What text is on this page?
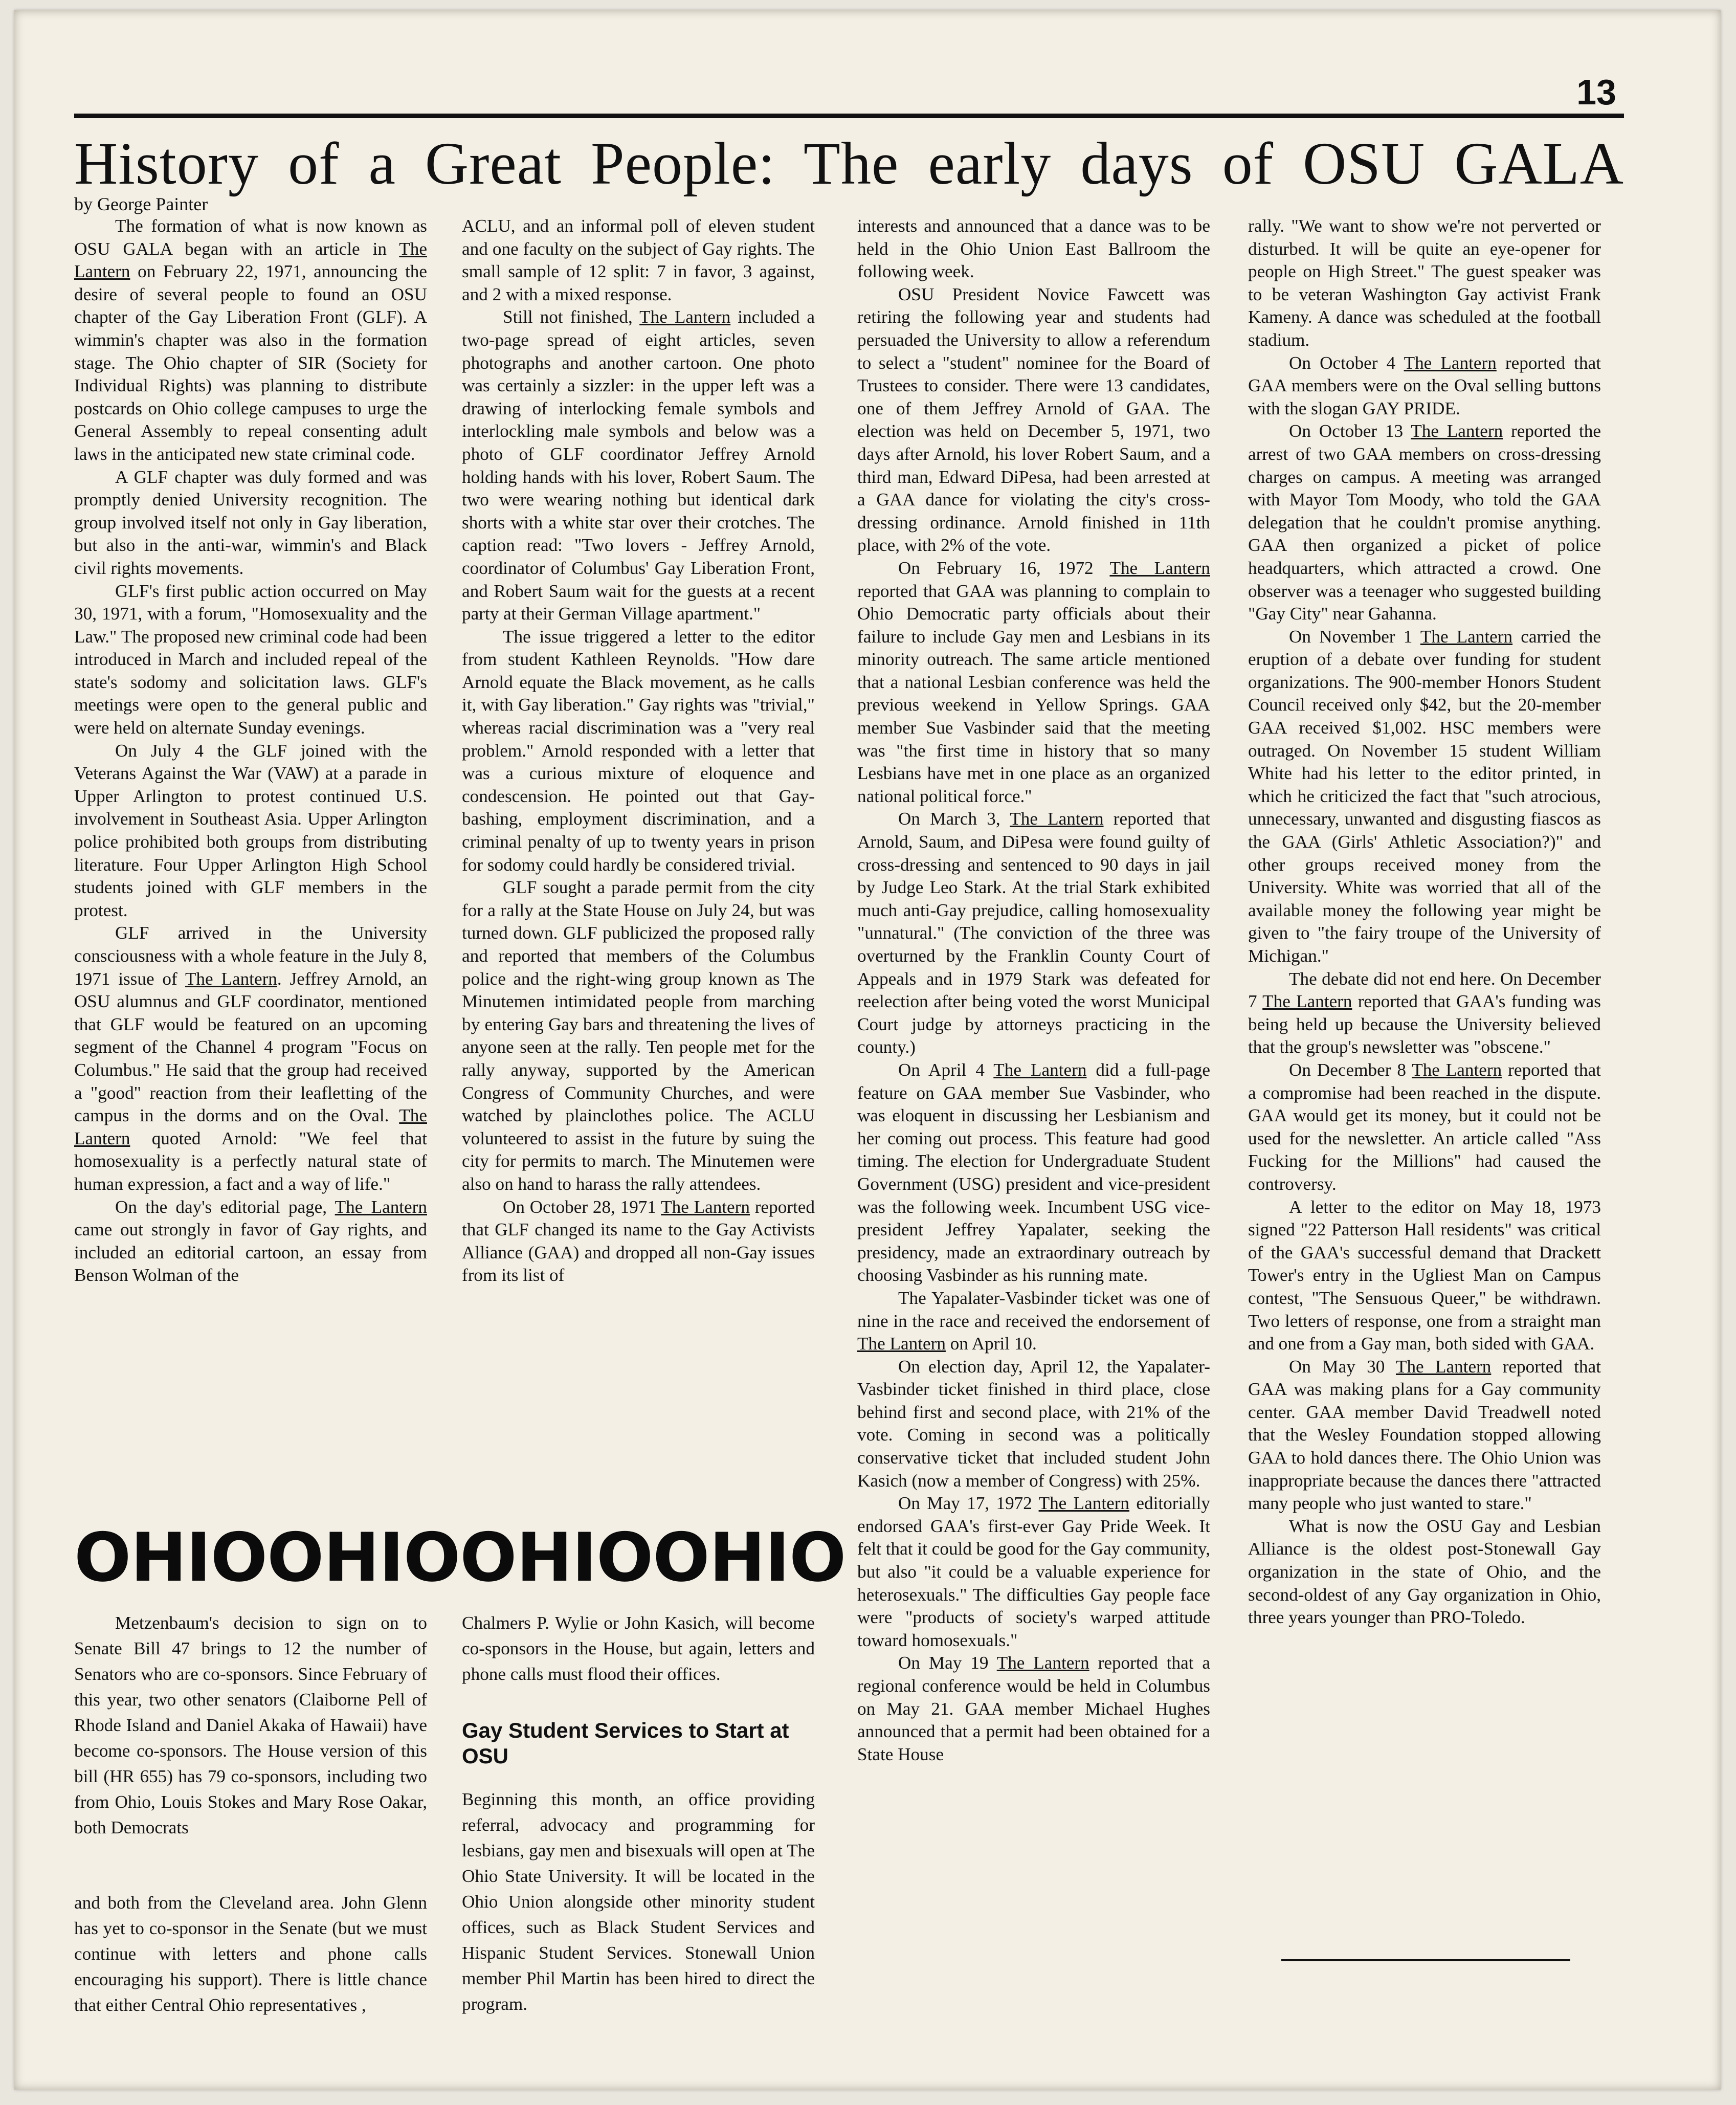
13
History of a Great People: The early days of OSU GALA
by George Painter

The formation of what is now known as OSU GALA began with an article in The Lantern on February 22, 1971, announcing the desire of several people to found an OSU chapter of the Gay Liberation Front (GLF). A wimmin's chapter was also in the formation stage. The Ohio chapter of SIR (Society for Individual Rights) was planning to distribute postcards on Ohio college campuses to urge the General Assembly to repeal consenting adult laws in the anticipated new state criminal code.

A GLF chapter was duly formed and was promptly denied University recognition. The group involved itself not only in Gay liberation, but also in the anti-war, wimmin's and Black civil rights movements.

GLF's first public action occurred on May 30, 1971, with a forum, "Homosexuality and the Law." The proposed new criminal code had been introduced in March and included repeal of the state's sodomy and solicitation laws. GLF's meetings were open to the general public and were held on alternate Sunday evenings.

On July 4 the GLF joined with the Veterans Against the War (VAW) at a parade in Upper Arlington to protest continued U.S. involvement in Southeast Asia. Upper Arlington police prohibited both groups from distributing literature. Four Upper Arlington High School students joined with GLF members in the protest.

GLF arrived in the University consciousness with a whole feature in the July 8, 1971 issue of The Lantern. Jeffrey Arnold, an OSU alumnus and GLF coordinator, mentioned that GLF would be featured on an upcoming segment of the Channel 4 program "Focus on Columbus." He said that the group had received a "good" reaction from their leafletting of the campus in the dorms and on the Oval. The Lantern quoted Arnold: "We feel that homosexuality is a perfectly natural state of human expression, a fact and a way of life."

On the day's editorial page, The Lantern came out strongly in favor of Gay rights, and included an editorial cartoon, an essay from Benson Wolman of the

ACLU, and an informal poll of eleven student and one faculty on the subject of Gay rights. The small sample of 12 split: 7 in favor, 3 against, and 2 with a mixed response.

Still not finished, The Lantern included a two-page spread of eight articles, seven photographs and another cartoon. One photo was certainly a sizzler: in the upper left was a drawing of interlocking female symbols and interlockling male symbols and below was a photo of GLF coordinator Jeffrey Arnold holding hands with his lover, Robert Saum. The two were wearing nothing but identical dark shorts with a white star over their crotches. The caption read: "Two lovers - Jeffrey Arnold, coordinator of Columbus' Gay Liberation Front, and Robert Saum wait for the guests at a recent party at their German Village apartment."

The issue triggered a letter to the editor from student Kathleen Reynolds. "How dare Arnold equate the Black movement, as he calls it, with Gay liberation." Gay rights was "trivial," whereas racial discrimination was a "very real problem." Arnold responded with a letter that was a curious mixture of eloquence and condescension. He pointed out that Gay-bashing, employment discrimination, and a criminal penalty of up to twenty years in prison for sodomy could hardly be considered trivial.

GLF sought a parade permit from the city for a rally at the State House on July 24, but was turned down. GLF publicized the proposed rally and reported that members of the Columbus police and the right-wing group known as The Minutemen intimidated people from marching by entering Gay bars and threatening the lives of anyone seen at the rally. Ten people met for the rally anyway, supported by the American Congress of Community Churches, and were watched by plainclothes police. The ACLU volunteered to assist in the future by suing the city for permits to march. The Minutemen were also on hand to harass the rally attendees.

On October 28, 1971 The Lantern reported that GLF changed its name to the Gay Activists Alliance (GAA) and dropped all non-Gay issues from its list of

interests and announced that a dance was to be held in the Ohio Union East Ballroom the following week.

OSU President Novice Fawcett was retiring the following year and students had persuaded the University to allow a referendum to select a "student" nominee for the Board of Trustees to consider. There were 13 candidates, one of them Jeffrey Arnold of GAA. The election was held on December 5, 1971, two days after Arnold, his lover Robert Saum, and a third man, Edward DiPesa, had been arrested at a GAA dance for violating the city's cross-dressing ordinance. Arnold finished in 11th place, with 2% of the vote.

On February 16, 1972 The Lantern reported that GAA was planning to complain to Ohio Democratic party officials about their failure to include Gay men and Lesbians in its minority outreach. The same article mentioned that a national Lesbian conference was held the previous weekend in Yellow Springs. GAA member Sue Vasbinder said that the meeting was "the first time in history that so many Lesbians have met in one place as an organized national political force."

On March 3, The Lantern reported that Arnold, Saum, and DiPesa were found guilty of cross-dressing and sentenced to 90 days in jail by Judge Leo Stark. At the trial Stark exhibited much anti-Gay prejudice, calling homosexuality "unnatural." (The conviction of the three was overturned by the Franklin County Court of Appeals and in 1979 Stark was defeated for reelection after being voted the worst Municipal Court judge by attorneys practicing in the county.)

On April 4 The Lantern did a full-page feature on GAA member Sue Vasbinder, who was eloquent in discussing her Lesbianism and her coming out process. This feature had good timing. The election for Undergraduate Student Government (USG) president and vice-president was the following week. Incumbent USG vice-president Jeffrey Yapalater, seeking the presidency, made an extraordinary outreach by choosing Vasbinder as his running mate.

The Yapalater-Vasbinder ticket was one of nine in the race and received the endorsement of The Lantern on April 10.

On election day, April 12, the Yapalater-Vasbinder ticket finished in third place, close behind first and second place, with 21% of the vote. Coming in second was a politically conservative ticket that included student John Kasich (now a member of Congress) with 25%.

On May 17, 1972 The Lantern editorially endorsed GAA's first-ever Gay Pride Week. It felt that it could be good for the Gay community, but also "it could be a valuable experience for heterosexuals." The difficulties Gay people face were "products of society's warped attitude toward homosexuals."

On May 19 The Lantern reported that a regional conference would be held in Columbus on May 21. GAA member Michael Hughes announced that a permit had been obtained for a State House

rally. "We want to show we're not perverted or disturbed. It will be quite an eye-opener for people on High Street." The guest speaker was to be veteran Washington Gay activist Frank Kameny. A dance was scheduled at the football stadium.

On October 4 The Lantern reported that GAA members were on the Oval selling buttons with the slogan GAY PRIDE.

On October 13 The Lantern reported the arrest of two GAA members on cross-dressing charges on campus. A meeting was arranged with Mayor Tom Moody, who told the GAA delegation that he couldn't promise anything. GAA then organized a picket of police headquarters, which attracted a crowd. One observer was a teenager who suggested building "Gay City" near Gahanna.

On November 1 The Lantern carried the eruption of a debate over funding for student organizations. The 900-member Honors Student Council received only $42, but the 20-member GAA received $1,002. HSC members were outraged. On November 15 student William White had his letter to the editor printed, in which he criticized the fact that "such atrocious, unnecessary, unwanted and disgusting fiascos as the GAA (Girls' Athletic Association?)" and other groups received money from the University. White was worried that all of the available money the following year might be given to "the fairy troupe of the University of Michigan."

The debate did not end here. On December 7 The Lantern reported that GAA's funding was being held up because the University believed that the group's newsletter was "obscene."

On December 8 The Lantern reported that a compromise had been reached in the dispute. GAA would get its money, but it could not be used for the newsletter. An article called "Ass Fucking for the Millions" had caused the controversy.

A letter to the editor on May 18, 1973 signed "22 Patterson Hall residents" was critical of the GAA's successful demand that Drackett Tower's entry in the Ugliest Man on Campus contest, "The Sensuous Queer," be withdrawn. Two letters of response, one from a straight man and one from a Gay man, both sided with GAA.

On May 30 The Lantern reported that GAA was making plans for a Gay community center. GAA member David Treadwell noted that the Wesley Foundation stopped allowing GAA to hold dances there. The Ohio Union was inappropriate because the dances there "attracted many people who just wanted to stare."

What is now the OSU Gay and Lesbian Alliance is the oldest post-Stonewall Gay organization in the state of Ohio, and the second-oldest of any Gay organization in Ohio, three years younger than PRO-Toledo.

OHIOOHIOOHIOOHIO

Metzenbaum's decision to sign on to Senate Bill 47 brings to 12 the number of Senators who are co-sponsors. Since February of this year, two other senators (Claiborne Pell of Rhode Island and Daniel Akaka of Hawaii) have become co-sponsors. The House version of this bill (HR 655) has 79 co-sponsors, including two from Ohio, Louis Stokes and Mary Rose Oakar, both Democrats

and both from the Cleveland area. John Glenn has yet to co-sponsor in the Senate (but we must continue with letters and phone calls encouraging his support). There is little chance that either Central Ohio representatives ,

Chalmers P. Wylie or John Kasich, will become co-sponsors in the House, but again, letters and phone calls must flood their offices.

Gay Student Services to Start at OSU

Beginning this month, an office providing referral, advocacy and programming for lesbians, gay men and bisexuals will open at The Ohio State University. It will be located in the Ohio Union alongside other minority student offices, such as Black Student Services and Hispanic Student Services. Stonewall Union member Phil Martin has been hired to direct the program.
